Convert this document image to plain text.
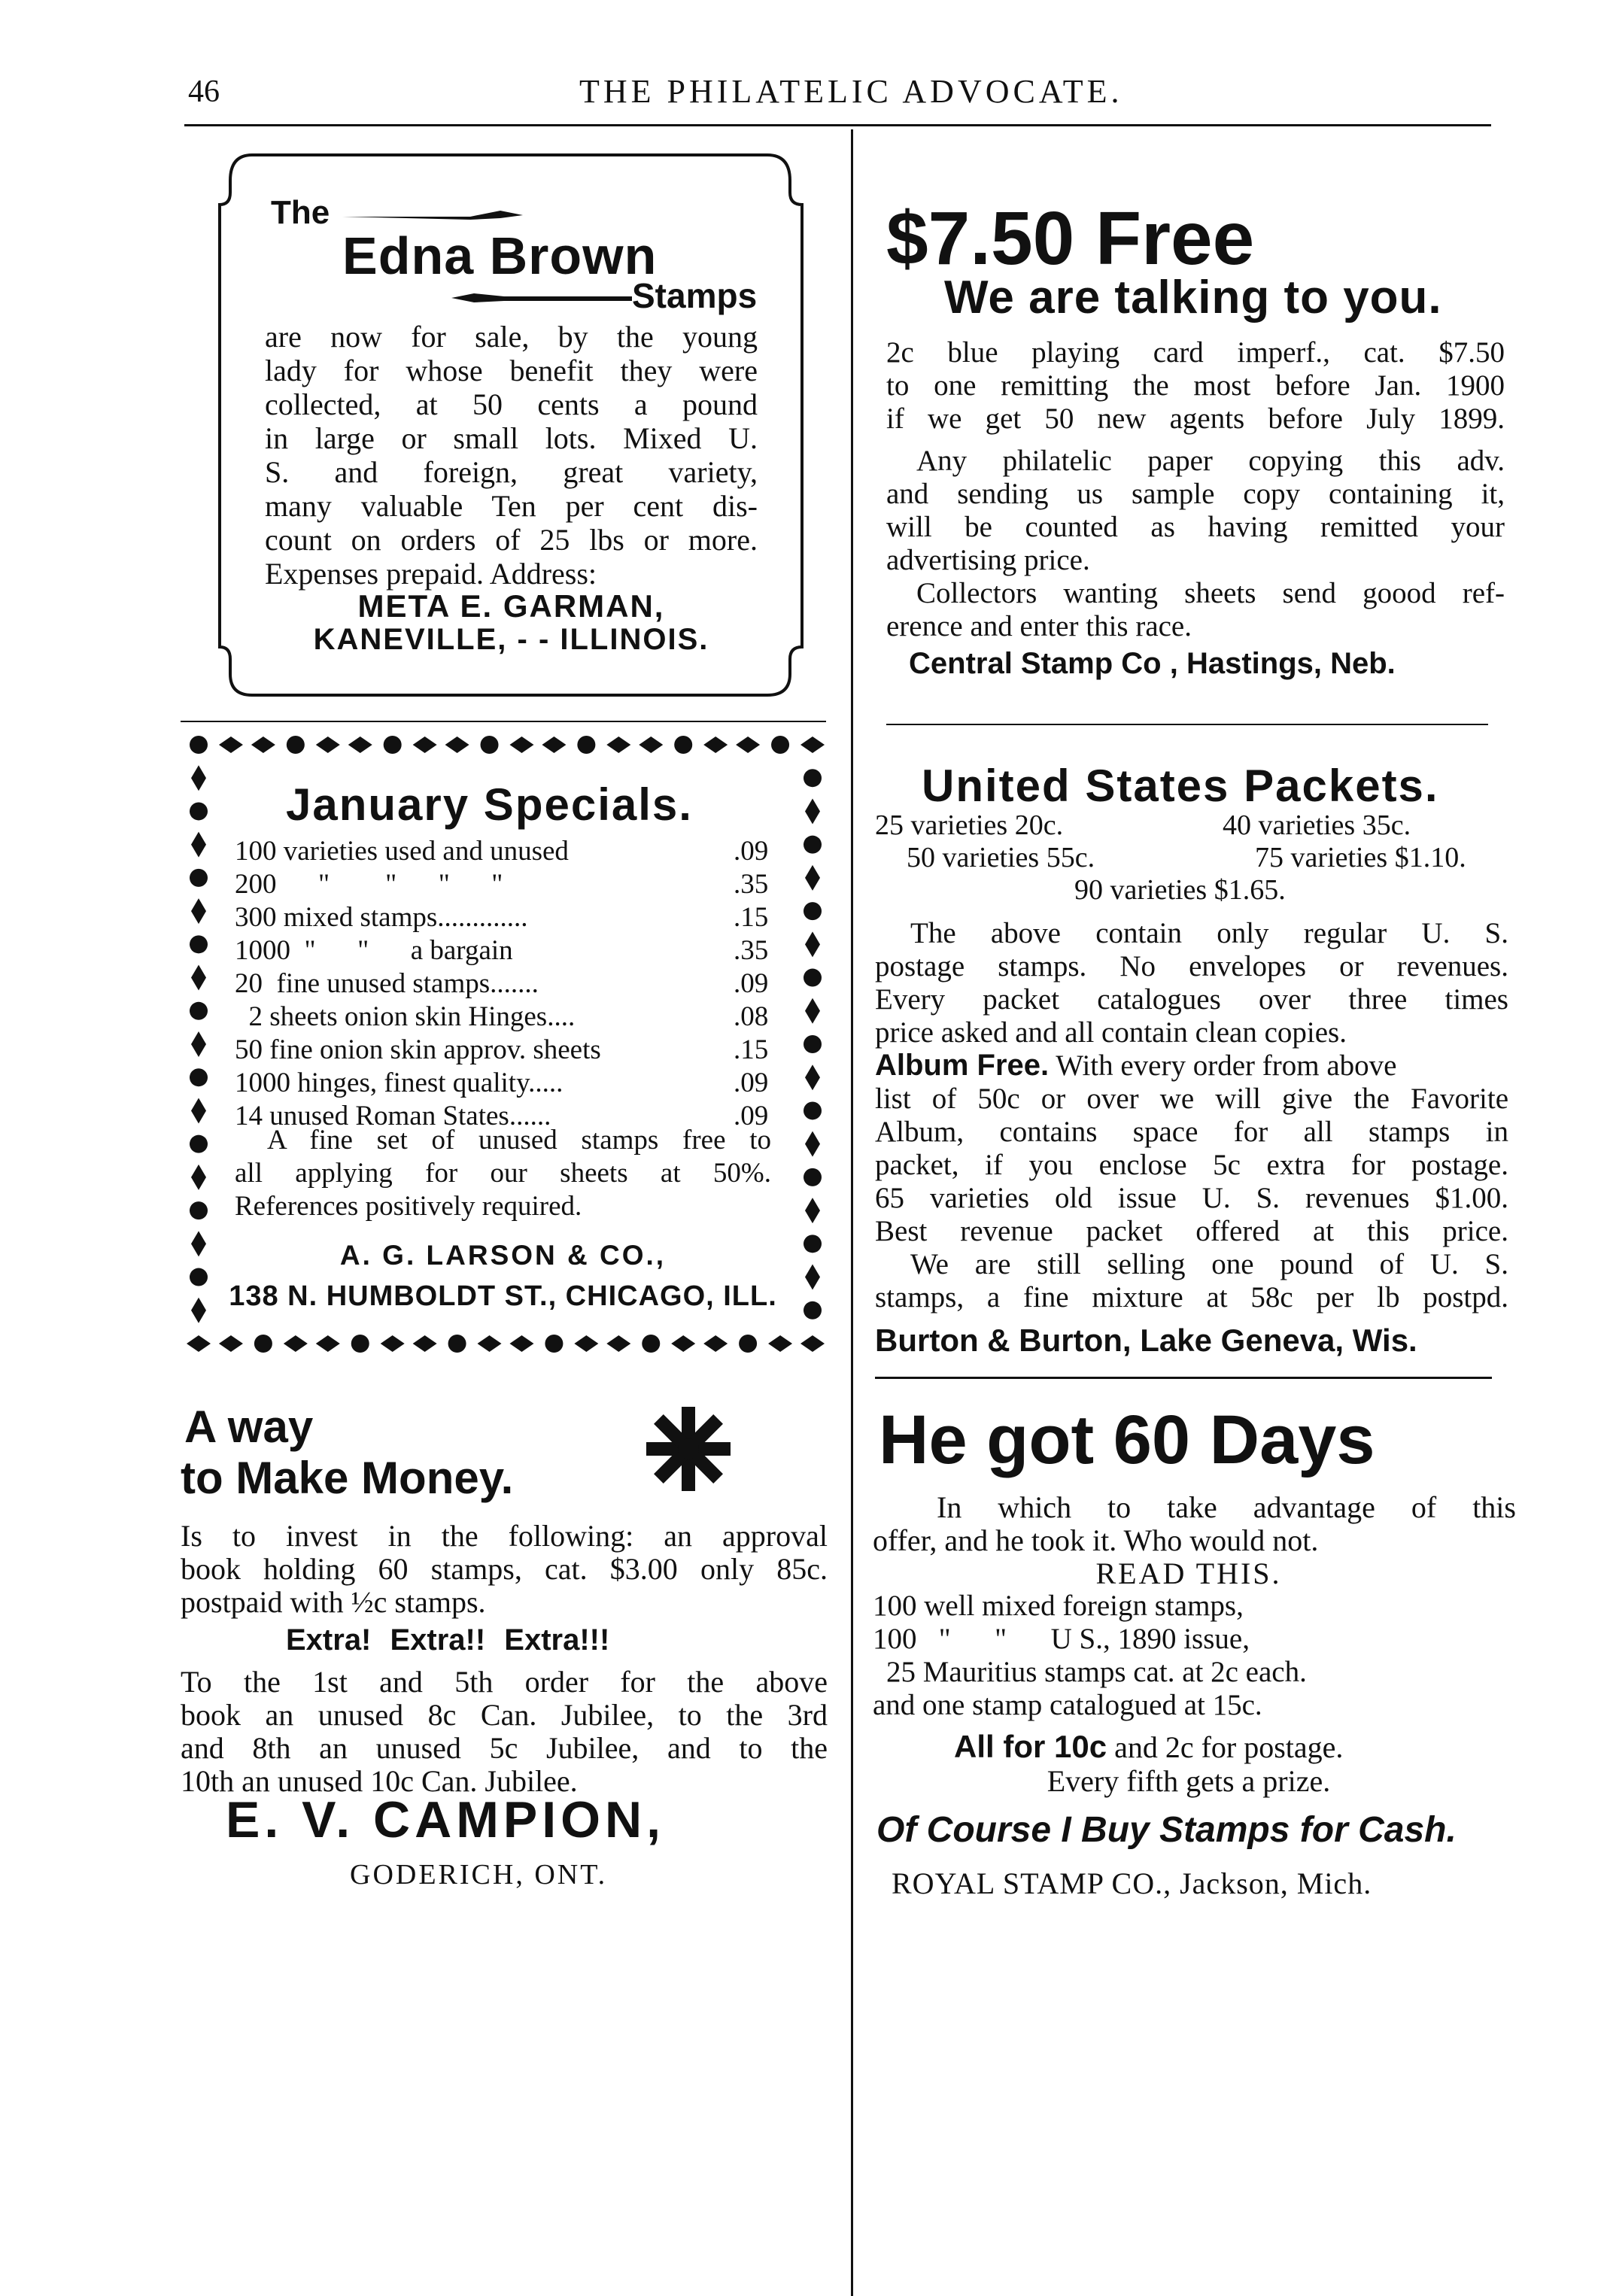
46	THE PHILATELIC ADVOCATE.
The
Edna Brown
Stamps
are now for sale, by the young
lady for whose benefit they were
collected, at 50 cents a pound
in large or small lots. Mixed U.
S. and foreign, great variety,
many valuable Ten per cent dis-
count on orders of 25 lbs or more.
Expenses prepaid. Address:
META E. GARMAN,
KANEVILLE, - - ILLINOIS.
January Specials.
100 varieties used and unused	.09
200      "        "      "      "	.35
300 mixed stamps.............	.15
1000  "      "      a bargain	.35
20  fine unused stamps.......	.09
2 sheets onion skin Hinges....	.08
50 fine onion skin approv. sheets	.15
1000 hinges, finest quality.....	.09
14 unused Roman States......	.09
A fine set of unused stamps free to
all applying for our sheets at 50%.
References positively required.
A. G. LARSON & CO.,
138 N. HUMBOLDT ST., CHICAGO, ILL.
A way
to Make Money.
Is to invest in the following: an approval
book holding 60 stamps, cat. $3.00 only 85c.
postpaid with ½c stamps.
Extra! Extra!! Extra!!!
To the 1st and 5th order for the above
book an unused 8c Can. Jubilee, to the 3rd
and 8th an unused 5c Jubilee, and to the
10th an unused 10c Can. Jubilee.
E. V. CAMPION,
GODERICH, ONT.
$7.50 Free
We are talking to you.
2c blue playing card imperf., cat. $7.50
to one remitting the most before Jan. 1900
if we get 50 new agents before July 1899.
Any philatelic paper copying this adv.
and sending us sample copy containing it,
will be counted as having remitted your
advertising price.
Collectors wanting sheets send goood ref-
erence and enter this race.
Central Stamp Co , Hastings, Neb.
United States Packets.
25 varieties 20c.	40 varieties 35c.
50 varieties 55c.	75 varieties $1.10.
90 varieties $1.65.
The above contain only regular U. S.
postage stamps. No envelopes or revenues.
Every packet catalogues over three times
price asked and all contain clean copies.
Album Free. With every order from above
list of 50c or over we will give the Favorite
Album, contains space for all stamps in
packet, if you enclose 5c extra for postage.
65 varieties old issue U. S. revenues $1.00.
Best revenue packet offered at this price.
We are still selling one pound of U. S.
stamps, a fine mixture at 58c per lb postpd.
Burton & Burton, Lake Geneva, Wis.
He got 60 Days
In which to take advantage of this
offer, and he took it. Who would not.
READ THIS.
100 well mixed foreign stamps,
100   "      "      U S., 1890 issue,
25 Mauritius stamps cat. at 2c each.
and one stamp catalogued at 15c.
All for 10c and 2c for postage.
Every fifth gets a prize.
Of Course I Buy Stamps for Cash.
ROYAL STAMP CO., Jackson, Mich.
